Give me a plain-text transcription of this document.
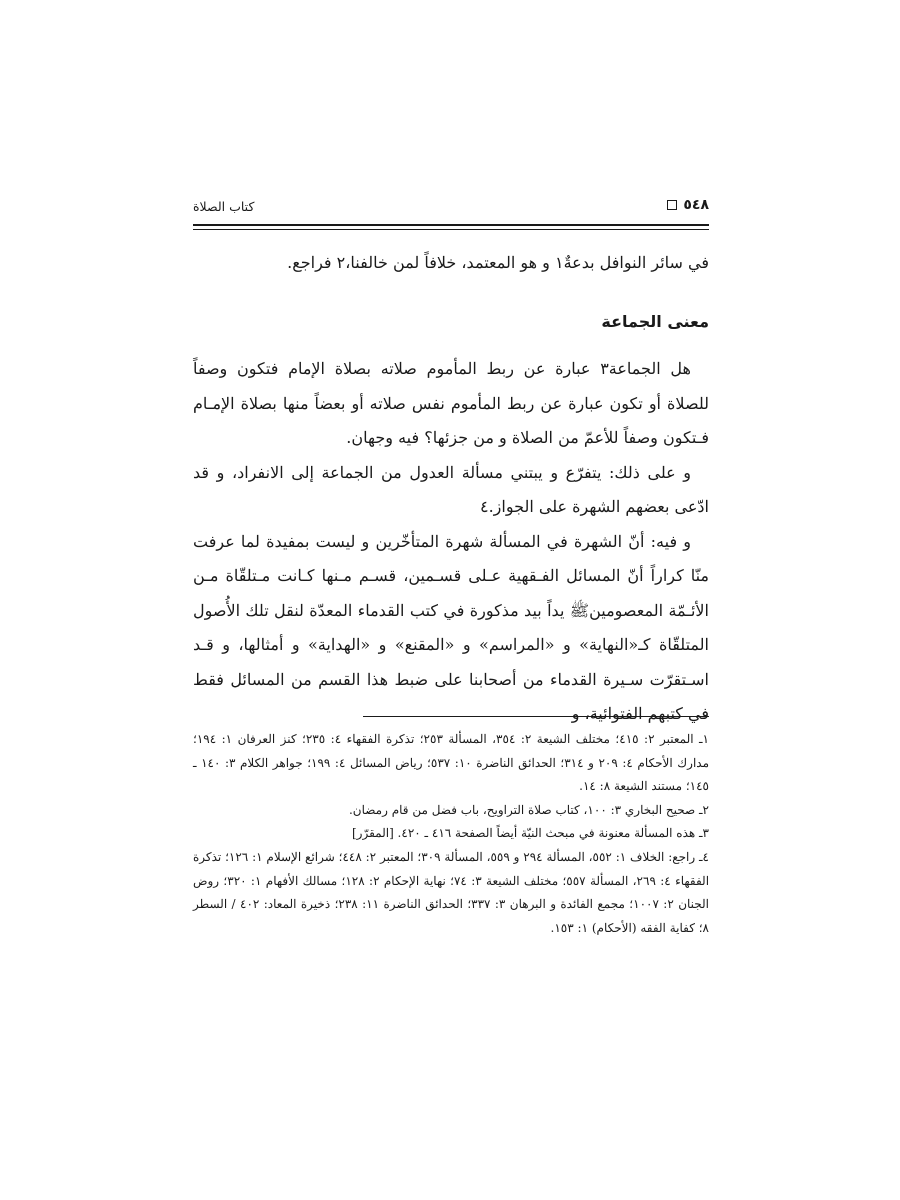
كتاب الصلاة	٥٤٨
في سائر النوافل بدعةٌ١ و هو المعتمد، خلافاً لمن خالفنا،٢ فراجع.
معنى الجماعة

هل الجماعة٣ عبارة عن ربط المأموم صلاته بصلاة الإمام فتكون وصفاً للصلاة أو تكون عبارة عن ربط المأموم نفس صلاته أو بعضاً منها بصلاة الإمـام فـتكون وصفاً للأعمّ من الصلاة و من جزئها؟ فيه وجهان.

و على ذلك: يتفرّع و يبتني مسألة العدول من الجماعة إلى الانفراد، و قد ادّعى بعضهم الشهرة على الجواز.٤

و فيه: أنّ الشهرة في المسألة شهرة المتأخّرين و ليست بمفيدة لما عرفت منّا كراراً أنّ المسائل الفـقهية عـلى قسـمين، قسـم مـنها كـانت مـتلقّاة مـن الأئـمّة المعصومينﷺ يداً بيد مذكورة في كتب القدماء المعدّة لنقل تلك الأُصول المتلقّاة كـ«النهاية» و «المراسم» و «المقنع» و «الهداية» و أمثالها، و قـد اسـتقرّت سـيرة القدماء من أصحابنا على ضبط هذا القسم من المسائل فقط في كتبهم الفتوائية، و

١ـ المعتبر ٢: ٤١٥؛ مختلف الشيعة ٢: ٣٥٤، المسألة ٢٥٣؛ تذكرة الفقهاء ٤: ٢٣٥؛ كنز العرفان ١: ١٩٤؛ مدارك الأحكام ٤: ٢٠٩ و ٣١٤؛ الحدائق الناضرة ١٠: ٥٣٧؛ رياض المسائل ٤: ١٩٩؛ جواهر الكلام ٣: ١٤٠ ـ ١٤٥؛ مستند الشيعة ٨: ١٤.

٢ـ صحيح البخاري ٣: ١٠٠، كتاب صلاة التراويح، باب فضل من قام رمضان.

٣ـ هذه المسألة معنونة في مبحث النيّة أيضاً الصفحة ٤١٦ ـ ٤٢٠. [المقرّر]

٤ـ راجع: الخلاف ١: ٥٥٢، المسألة ٢٩٤ و ٥٥٩، المسألة ٣٠٩؛ المعتبر ٢: ٤٤٨؛ شرائع الإسلام ١: ١٢٦؛ تذكرة الفقهاء ٤: ٢٦٩، المسألة ٥٥٧؛ مختلف الشيعة ٣: ٧٤؛ نهاية الإحكام ٢: ١٢٨؛ مسالك الأفهام ١: ٣٢٠؛ روض الجنان ٢: ١٠٠٧؛ مجمع الفائدة و البرهان ٣: ٣٣٧؛ الحدائق الناضرة ١١: ٢٣٨؛ ذخيرة المعاد: ٤٠٢ / السطر ٨؛ كفاية الفقه (الأحكام) ١: ١٥٣.
